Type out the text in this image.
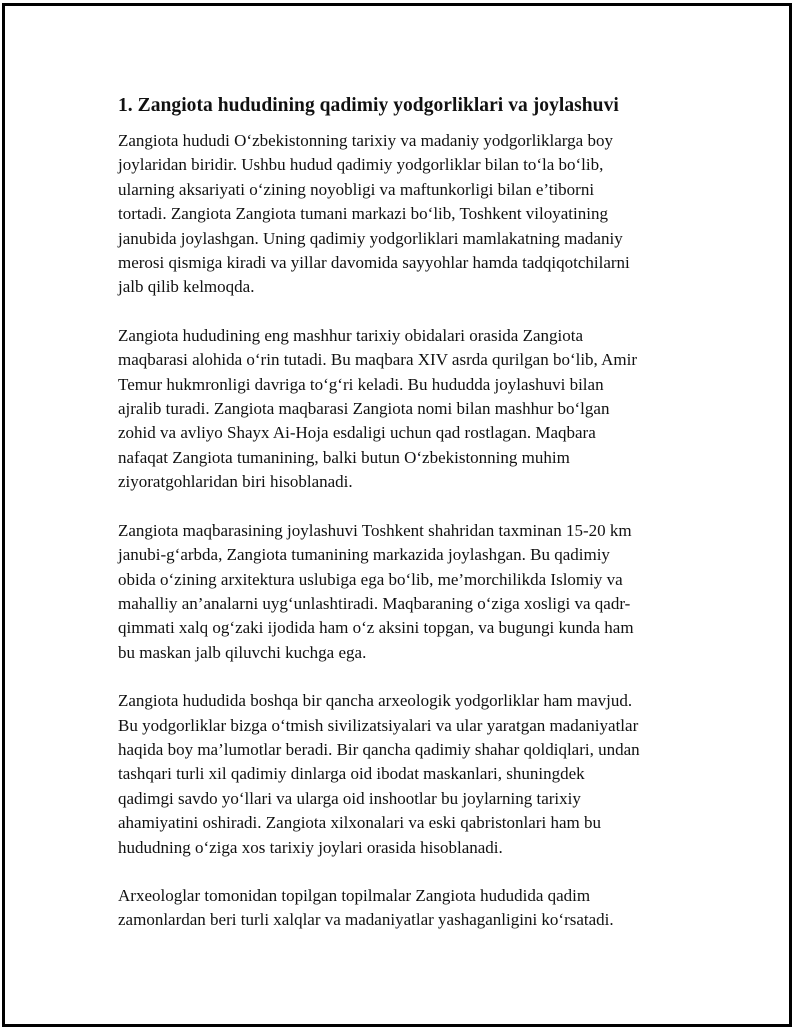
1. Zangiota hududining qadimiy yodgorliklari va joylashuvi

Zangiota hududi O‘zbekistonning tarixiy va madaniy yodgorliklarga boy
joylaridan biridir. Ushbu hudud qadimiy yodgorliklar bilan to‘la bo‘lib,
ularning aksariyati o‘zining noyobligi va maftunkorligi bilan e’tiborni
tortadi. Zangiota Zangiota tumani markazi bo‘lib, Toshkent viloyatining
janubida joylashgan. Uning qadimiy yodgorliklari mamlakatning madaniy
merosi qismiga kiradi va yillar davomida sayyohlar hamda tadqiqotchilarni
jalb qilib kelmoqda.

Zangiota hududining eng mashhur tarixiy obidalari orasida Zangiota
maqbarasi alohida o‘rin tutadi. Bu maqbara XIV asrda qurilgan bo‘lib, Amir
Temur hukmronligi davriga to‘g‘ri keladi. Bu hududda joylashuvi bilan
ajralib turadi. Zangiota maqbarasi Zangiota nomi bilan mashhur bo‘lgan
zohid va avliyo Shayx Ai-Hoja esdaligi uchun qad rostlagan. Maqbara
nafaqat Zangiota tumanining, balki butun O‘zbekistonning muhim
ziyoratgohlaridan biri hisoblanadi.

Zangiota maqbarasining joylashuvi Toshkent shahridan taxminan 15-20 km
janubi-g‘arbda, Zangiota tumanining markazida joylashgan. Bu qadimiy
obida o‘zining arxitektura uslubiga ega bo‘lib, me’morchilikda Islomiy va
mahalliy an’analarni uyg‘unlashtiradi. Maqbaraning o‘ziga xosligi va qadr-
qimmati xalq og‘zaki ijodida ham o‘z aksini topgan, va bugungi kunda ham
bu maskan jalb qiluvchi kuchga ega.

Zangiota hududida boshqa bir qancha arxeologik yodgorliklar ham mavjud.
Bu yodgorliklar bizga o‘tmish sivilizatsiyalari va ular yaratgan madaniyatlar
haqida boy ma’lumotlar beradi. Bir qancha qadimiy shahar qoldiqlari, undan
tashqari turli xil qadimiy dinlarga oid ibodat maskanlari, shuningdek
qadimgi savdo yo‘llari va ularga oid inshootlar bu joylarning tarixiy
ahamiyatini oshiradi. Zangiota xilxonalari va eski qabristonlari ham bu
hududning o‘ziga xos tarixiy joylari orasida hisoblanadi.

Arxeologlar tomonidan topilgan topilmalar Zangiota hududida qadim
zamonlardan beri turli xalqlar va madaniyatlar yashaganligini ko‘rsatadi.
